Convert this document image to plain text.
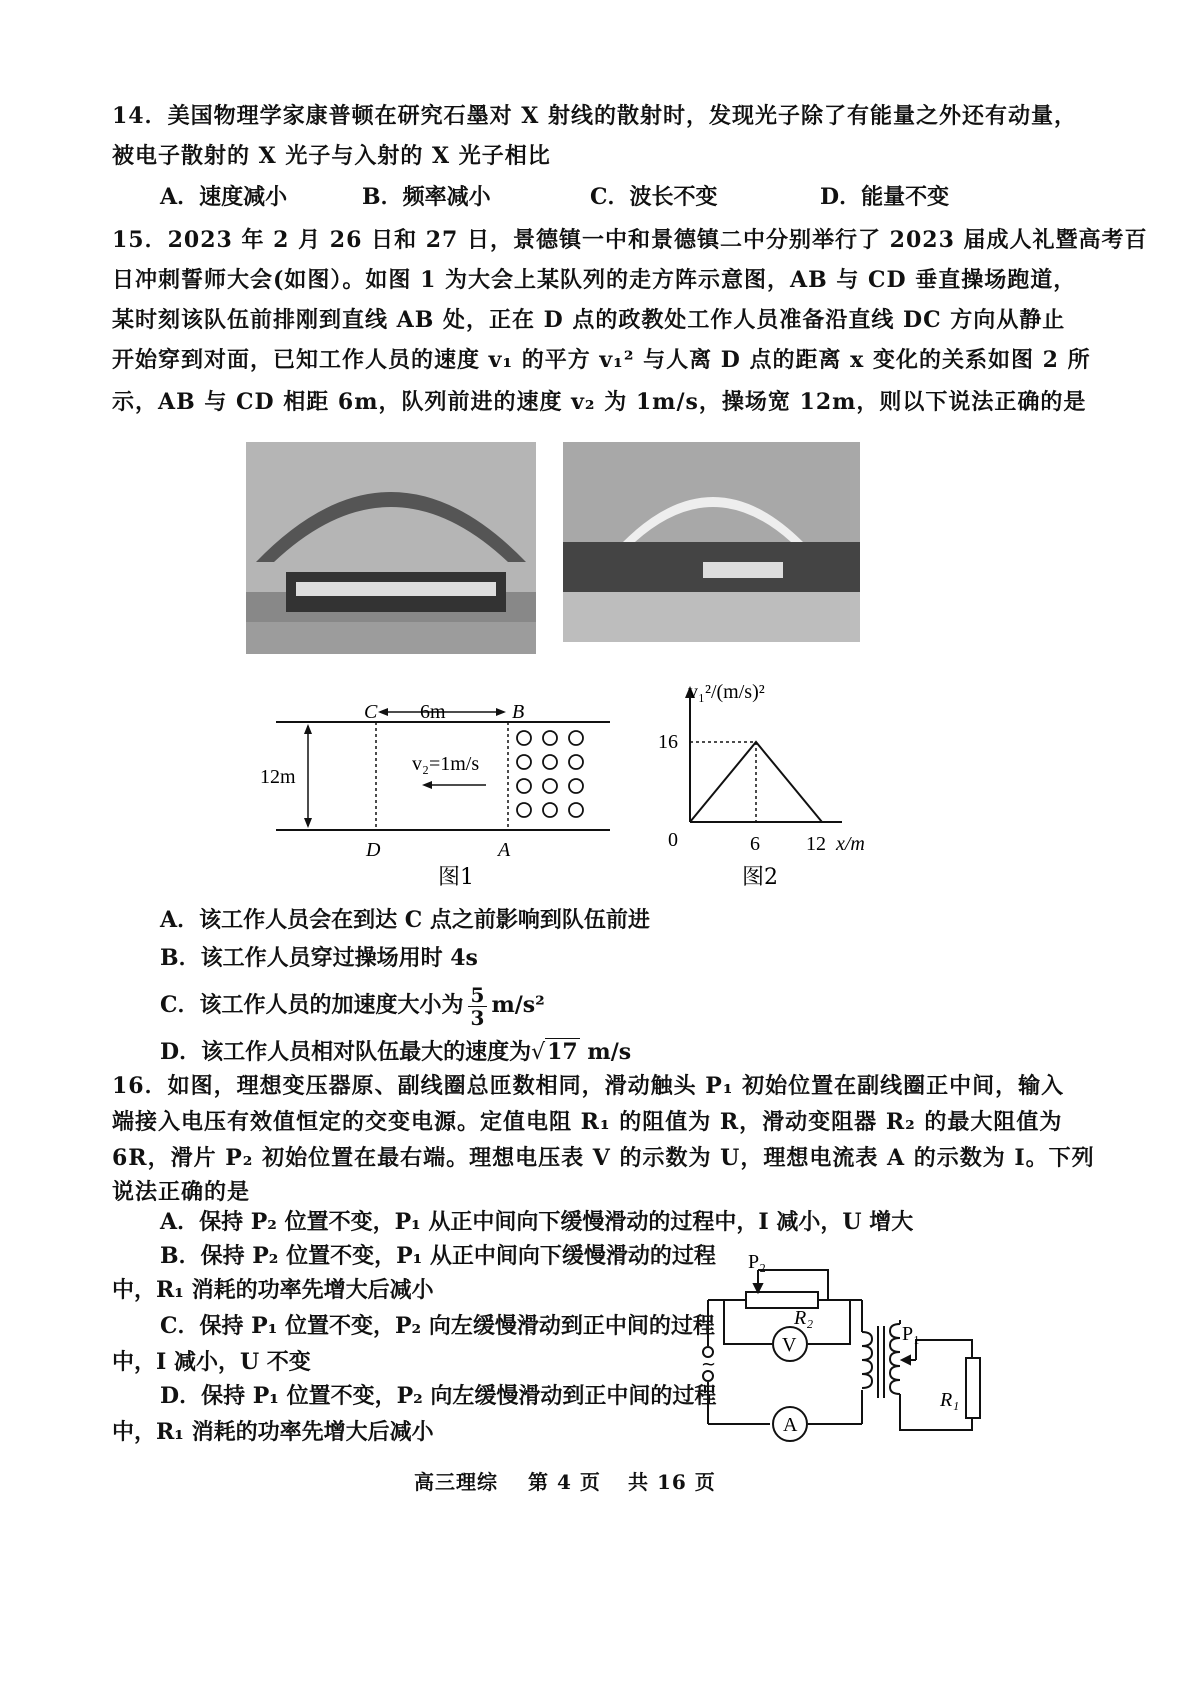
14．美国物理学家康普顿在研究石墨对 X 射线的散射时，发现光子除了有能量之外还有动量，
被电子散射的 X 光子与入射的 X 光子相比
A．速度减小	B．频率减小	C．波长不变	D．能量不变
15．2023 年 2 月 26 日和 27 日，景德镇一中和景德镇二中分别举行了 2023 届成人礼暨高考百
日冲刺誓师大会(如图）。如图 1 为大会上某队列的走方阵示意图，AB 与 CD 垂直操场跑道，
某时刻该队伍前排刚到直线 AB 处，正在 D 点的政教处工作人员准备沿直线 DC 方向从静止
开始穿到对面，已知工作人员的速度 v₁ 的平方 v₁² 与人离 D 点的距离 x 变化的关系如图 2 所
示，AB 与 CD 相距 6m，队列前进的速度 v₂ 为 1m/s，操场宽 12m，则以下说法正确的是
C	B
D	A
6m
12m
v₂=1m/s
图1
v₁²/(m/s)²
16
0	6 12 x/m
图2
A．该工作人员会在到达 C 点之前影响到队伍前进
B．该工作人员穿过操场用时 4s
C．该工作人员的加速度大小为 $\frac{5}{3} m/s^2$
D．该工作人员相对队伍最大的速度为√17 m/s
16．如图，理想变压器原、副线圈总匝数相同，滑动触头 P₁ 初始位置在副线圈正中间，输入
端接入电压有效值恒定的交变电源。定值电阻 R₁ 的阻值为 R，滑动变阻器 R₂ 的最大阻值为
6R，滑片 P₂ 初始位置在最右端。理想电压表 V 的示数为 U，理想电流表 A 的示数为 I。下列
说法正确的是
A．保持 P₂ 位置不变，P₁ 从正中间向下缓慢滑动的过程中，I 减小，U 增大
B．保持 P₂ 位置不变，P₁ 从正中间向下缓慢滑动的过程
中，R₁ 消耗的功率先增大后减小
C．保持 P₁ 位置不变，P₂ 向左缓慢滑动到正中间的过程
中，I 减小，U 不变
D．保持 P₁ 位置不变，P₂ 向左缓慢滑动到正中间的过程
中，R₁ 消耗的功率先增大后减小
P₂
R₂
V
A
~
P₁
R₁
高三理综 第 4 页 共 16 页
